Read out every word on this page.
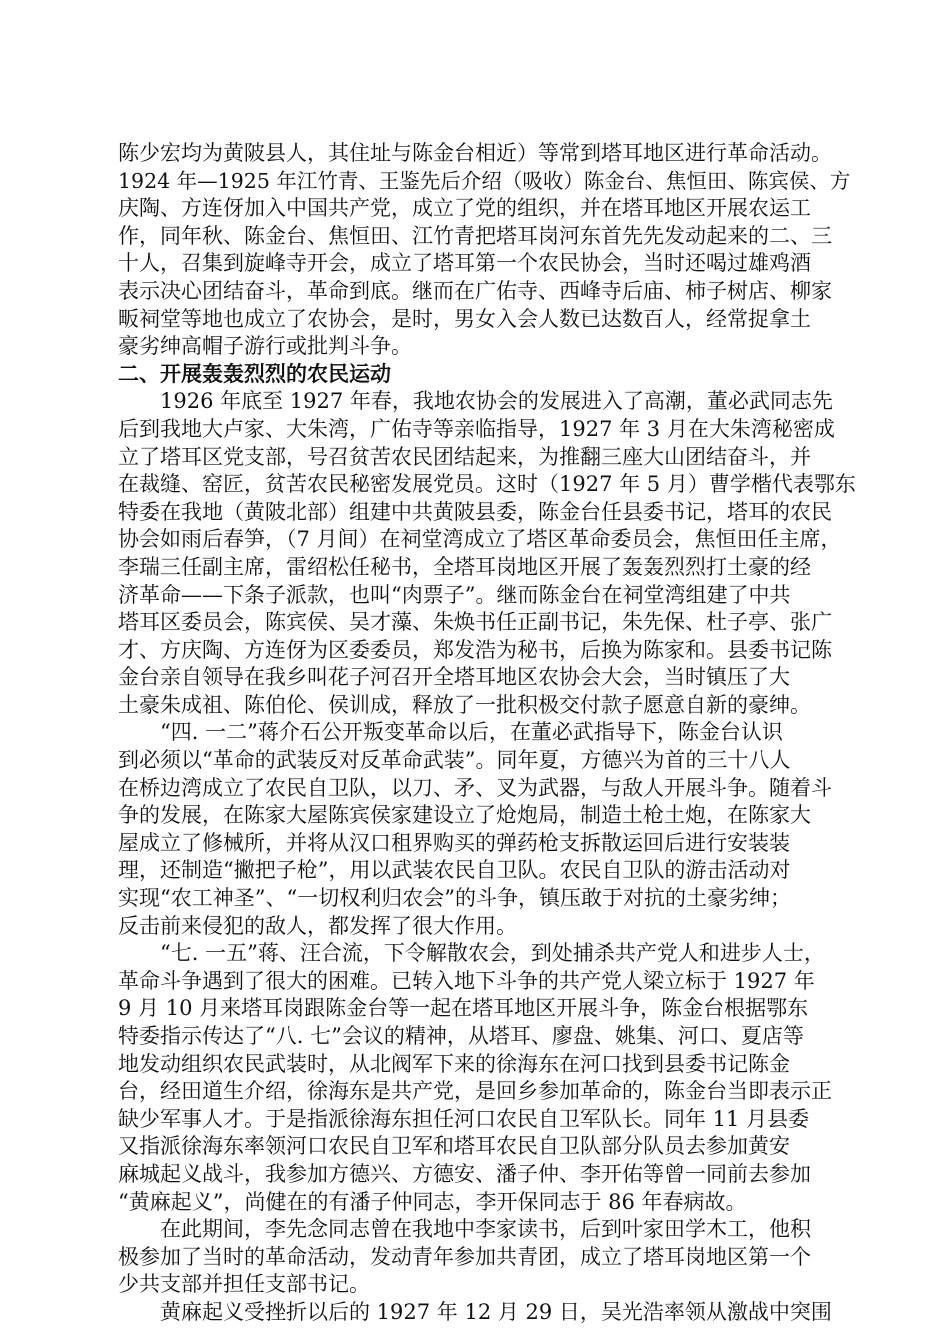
陈少宏均为黄陂县人，其住址与陈金台相近）等常到塔耳地区进行革命活动。
1924 年—1925 年江竹青、王鉴先后介绍（吸收）陈金台、焦恒田、陈宾侯、方
庆陶、方连伢加入中国共产党，成立了党的组织，并在塔耳地区开展农运工
作，同年秋、陈金台、焦恒田、江竹青把塔耳岗河东首先先发动起来的二、三
十人，召集到旋峰寺开会，成立了塔耳第一个农民协会，当时还喝过雄鸡酒
表示决心团结奋斗，革命到底。继而在广佑寺、西峰寺后庙、柿子树店、柳家
畈祠堂等地也成立了农协会，是时，男女入会人数已达数百人，经常捉拿土
豪劣绅高帽子游行或批判斗争。
二、开展轰轰烈烈的农民运动
1926 年底至 1927 年春，我地农协会的发展进入了高潮，董必武同志先
后到我地大卢家、大朱湾，广佑寺等亲临指导，1927 年 3 月在大朱湾秘密成
立了塔耳区党支部，号召贫苦农民团结起来，为推翻三座大山团结奋斗，并
在裁缝、窑匠，贫苦农民秘密发展党员。这时（1927 年 5 月）曹学楷代表鄂东
特委在我地（黄陂北部）组建中共黄陂县委，陈金台任县委书记，塔耳的农民
协会如雨后春笋，（7 月间）在祠堂湾成立了塔区革命委员会，焦恒田任主席，
李瑞三任副主席，雷绍松任秘书，全塔耳岗地区开展了轰轰烈烈打土豪的经
济革命——下条子派款，也叫“肉票子”。继而陈金台在祠堂湾组建了中共
塔耳区委员会，陈宾侯、吴才藻、朱焕书任正副书记，朱先保、杜子亭、张广
才、方庆陶、方连伢为区委委员，郑发浩为秘书，后换为陈家和。县委书记陈
金台亲自领导在我乡叫花子河召开全塔耳地区农协会大会，当时镇压了大
土豪朱成祖、陈伯伦、侯训成，释放了一批积极交付款子愿意自新的豪绅。
“四. 一二”蒋介石公开叛变革命以后，在董必武指导下，陈金台认识
到必须以“革命的武装反对反革命武装”。同年夏，方德兴为首的三十八人
在桥边湾成立了农民自卫队，以刀、矛、叉为武器，与敌人开展斗争。随着斗
争的发展，在陈家大屋陈宾侯家建设立了炝炮局，制造土枪土炮，在陈家大
屋成立了修械所，并将从汉口租界购买的弹药枪支拆散运回后进行安装装
理，还制造“撇把子枪”，用以武装农民自卫队。农民自卫队的游击活动对
实现“农工神圣”、“一切权利归农会”的斗争，镇压敢于对抗的土豪劣绅；
反击前来侵犯的敌人，都发挥了很大作用。
“七. 一五”蒋、汪合流，下令解散农会，到处捕杀共产党人和进步人士，
革命斗争遇到了很大的困难。已转入地下斗争的共产党人梁立标于 1927 年
9 月 10 月来塔耳岗跟陈金台等一起在塔耳地区开展斗争，陈金台根据鄂东
特委指示传达了“八. 七”会议的精神，从塔耳、廖盘、姚集、河口、夏店等
地发动组织农民武装时，从北阀军下来的徐海东在河口找到县委书记陈金
台，经田道生介绍，徐海东是共产党，是回乡参加革命的，陈金台当即表示正
缺少军事人才。于是指派徐海东担任河口农民自卫军队长。同年 11 月县委
又指派徐海东率领河口农民自卫军和塔耳农民自卫队部分队员去参加黄安
麻城起义战斗，我参加方德兴、方德安、潘子仲、李开佑等曾一同前去参加
“黄麻起义”，尚健在的有潘子仲同志，李开保同志于 86 年春病故。
在此期间，李先念同志曾在我地中李家读书，后到叶家田学木工，他积
极参加了当时的革命活动，发动青年参加共青团，成立了塔耳岗地区第一个
少共支部并担任支部书记。
黄麻起义受挫折以后的 1927 年 12 月 29 日，吴光浩率领从激战中突围
